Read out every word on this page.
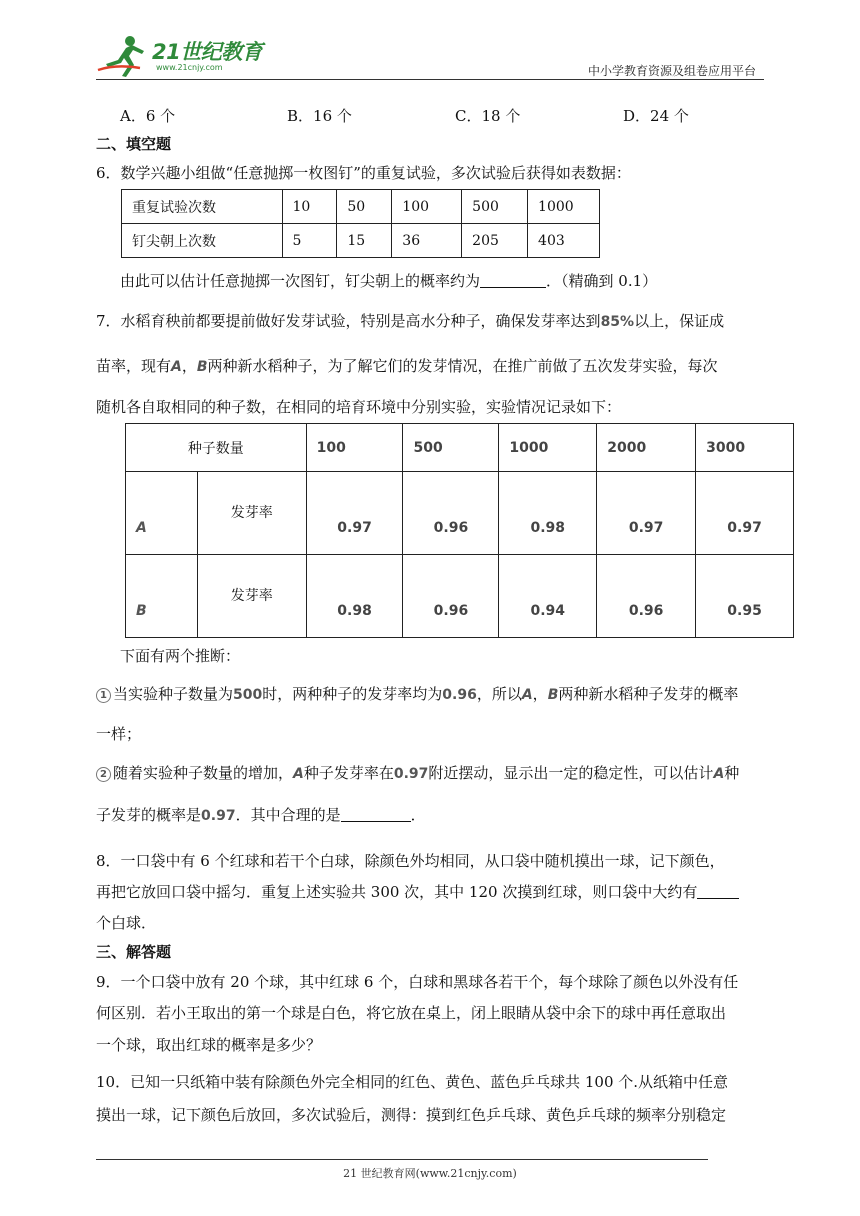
21世纪教育
www.21cnjy.com	中小学教育资源及组卷应用平台
A．6 个	B．16 个	C．18 个	D．24 个
二、填空题
6．数学兴趣小组做“任意抛掷一枚图钉”的重复试验，多次试验后获得如表数据：
重复试验次数	10	50	100	500	1000
钉尖朝上次数	5	15	36	205	403
由此可以估计任意抛掷一次图钉，钉尖朝上的概率约为	．（精确到 0.1）
7．水稻育秧前都要提前做好发芽试验，特别是高水分种子，确保发芽率达到85%以上，保证成
苗率，现有A，B两种新水稻种子，为了解它们的发芽情况，在推广前做了五次发芽实验，每次
随机各自取相同的种子数，在相同的培育环境中分别实验，实验情况记录如下：
种子数量		100	500	1000	2000	3000
A	发芽率	0.97	0.96	0.98	0.97	0.97
B	发芽率	0.98	0.96	0.94	0.96	0.95
下面有两个推断：
1 当实验种子数量为500时，两种种子的发芽率均为0.96，所以A，B两种新水稻种子发芽的概率
一样；
2 随着实验种子数量的增加，A种子发芽率在0.97附近摆动，显示出一定的稳定性，可以估计A种
子发芽的概率是0.97．其中合理的是	．
8．一口袋中有 6 个红球和若干个白球，除颜色外均相同，从口袋中随机摸出一球，记下颜色，
再把它放回口袋中摇匀．重复上述实验共 300 次，其中 120 次摸到红球，则口袋中大约有
个白球．
三、解答题
9．一个口袋中放有 20 个球，其中红球 6 个，白球和黑球各若干个，每个球除了颜色以外没有任
何区别．若小王取出的第一个球是白色，将它放在桌上，闭上眼睛从袋中余下的球中再任意取出
一个球，取出红球的概率是多少？
10．已知一只纸箱中装有除颜色外完全相同的红色、黄色、蓝色乒乓球共 100 个.从纸箱中任意
摸出一球，记下颜色后放回，多次试验后，测得：摸到红色乒乓球、黄色乒乓球的频率分别稳定
21 世纪教育网(www.21cnjy.com)
